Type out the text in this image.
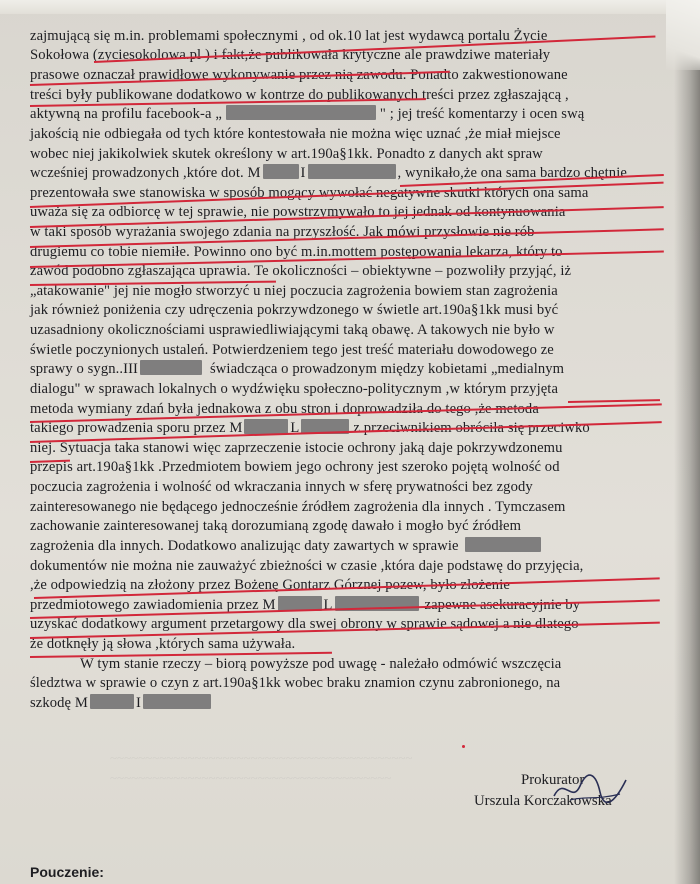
zajmującą się m.in. problemami społecznymi , od ok.10 lat jest wydawcą portalu Życie
Sokołowa (zyciesokolowa.pl ) i fakt,że publikowała krytyczne ale prawdziwe materiały
prasowe oznaczał prawidłowe wykonywanie przez nią zawodu. Ponadto zakwestionowane
treści były publikowane dodatkowo w kontrze do publikowanych treści przez zgłaszającą ,
aktywną na profilu facebook-a „	" ; jej treść komentarzy i ocen swą
jakością nie odbiegała od tych które kontestowała nie można więc uznać ,że miał miejsce
wobec niej jakikolwiek skutek określony w art.190a§1kk. Ponadto z danych akt spraw
wcześniej prowadzonych ,które dot. M	I	, wynikało,że ona sama bardzo chętnie
prezentowała swe stanowiska w sposób mogący wywołać negatywne skutki których ona sama
uważa się za odbiorcę w tej sprawie, nie powstrzymywało to jej jednak od kontynuowania
w taki sposób wyrażania swojego zdania na przyszłość. Jak mówi przysłowie nie rób
drugiemu co tobie niemiłe. Powinno ono być m.in.mottem postępowania lekarza, który to
zawód podobno zgłaszająca uprawia. Te okoliczności – obiektywne – pozwoliły przyjąć, iż
„atakowanie" jej nie mogło stworzyć u niej poczucia zagrożenia bowiem stan zagrożenia
jak również poniżenia czy udręczenia pokrzywdzonego w świetle art.190a§1kk musi być
uzasadniony okolicznościami usprawiedliwiającymi taką obawę. A takowych nie było w
świetle poczynionych ustaleń. Potwierdzeniem tego jest treść materiału dowodowego ze
sprawy o sygn..III	świadcząca o prowadzonym między kobietami „medialnym
dialogu" w sprawach lokalnych o wydźwięku społeczno-politycznym ,w którym przyjęta
metoda wymiany zdań była jednakowa z obu stron i doprowadziła do tego ,że metoda
takiego prowadzenia sporu przez M	L	z przeciwnikiem obróciła się przeciwko
niej. Sytuacja taka stanowi więc zaprzeczenie istocie ochrony jaką daje pokrzywdzonemu
przepis art.190a§1kk .Przedmiotem bowiem jego ochrony jest szeroko pojętą wolność od
poczucia zagrożenia i wolność od wkraczania innych w sferę prywatności bez zgody
zainteresowanego nie będącego jednocześnie źródłem zagrożenia dla innych . Tymczasem
zachowanie zainteresowanej taką dorozumianą zgodę dawało i mogło być źródłem
zagrożenia dla innych. Dodatkowo analizując daty zawartych w sprawie
dokumentów nie można nie zauważyć zbieżności w czasie ,która daje podstawę do przyjęcia,
,że odpowiedzią na złożony przez Bożenę Gontarz Górznej pozew, było złożenie
przedmiotowego zawiadomienia przez M	L	zapewne asekuracyjnie by
uzyskać dodatkowy argument przetargowy dla swej obrony w sprawie sądowej a nie dlatego
że dotknęły ją słowa ,których sama używała.
W tym stanie rzeczy – biorą powyższe pod uwagę - należało odmówić wszczęcia
śledztwa w sprawie o czyn z art.190a§1kk wobec braku znamion czynu zabronionego, na
szkodę M	I
~~~~~~~~~~~~~~~~~~~~~~~~~~~~~~~~~~~~~~~~~~~
~~~~~~~~~~~~~~~~~~~~~~~~~~~~~~~~~~~~~~~~	Prokurator
Urszula Korczakowska
Pouczenie:
